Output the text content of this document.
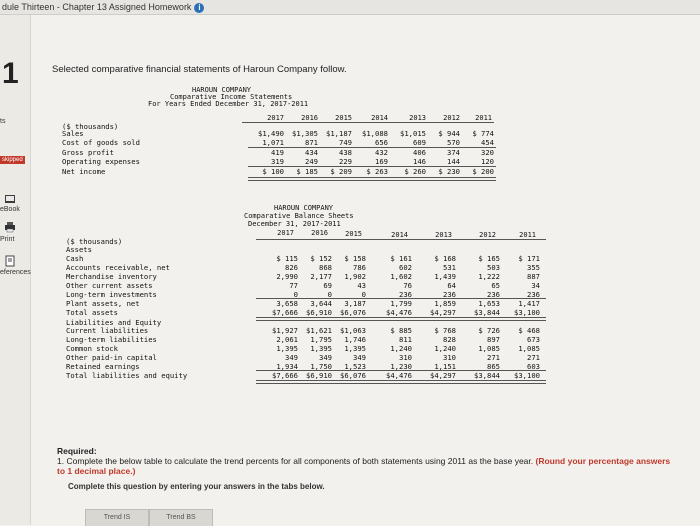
dule Thirteen - Chapter 13 Assigned Homework i
1
ts
skipped
eBook
Print
eferences
Selected comparative financial statements of Haroun Company follow.
HAROUN COMPANY
Comparative Income Statements
For Years Ended December 31, 2017-2011
($ thousands)
2017	2016	2015	2014	2013	2012	2011
Sales	$1,490	$1,305	$1,187	$1,088	$1,015	$ 944	$ 774
Cost of goods sold	1,071	871	749	656	609	570	454
Gross profit	419	434	438	432	406	374	320
Operating expenses	319	249	229	169	146	144	120
Net income	$ 100	$ 185	$ 209	$ 263	$ 260	$ 230	$ 200
HAROUN COMPANY
Comparative Balance Sheets
December 31, 2017-2011
($ thousands)
2017	2016	2015	2014	2013	2012	2011
Assets
Cash	$ 115	$ 152	$ 158	$ 161	$ 168	$ 165	$ 171
Accounts receivable, net	826	868	786	602	531	503	355
Merchandise inventory	2,990	2,177	1,902	1,602	1,439	1,222	887
Other current assets	77	69	43	76	64	65	34
Long-term investments	0	0	0	236	236	236	236
Plant assets, net	3,658	3,644	3,187	1,799	1,859	1,653	1,417
Total assets	$7,666	$6,910	$6,076	$4,476	$4,297	$3,844	$3,100
Liabilities and Equity
Current liabilities	$1,927	$1,621	$1,063	$ 885	$ 768	$ 726	$ 468
Long-term liabilities	2,061	1,795	1,746	811	828	897	673
Common stock	1,395	1,395	1,395	1,240	1,240	1,085	1,085
Other paid-in capital	349	349	349	310	310	271	271
Retained earnings	1,934	1,750	1,523	1,230	1,151	865	603
Total liabilities and equity	$7,666	$6,910	$6,076	$4,476	$4,297	$3,844	$3,100
Required:
1. Complete the below table to calculate the trend percents for all components of both statements using 2011 as the base year. (Round your percentage answers to 1 decimal place.)
Complete this question by entering your answers in the tabs below.
Trend IS	Trend BS
